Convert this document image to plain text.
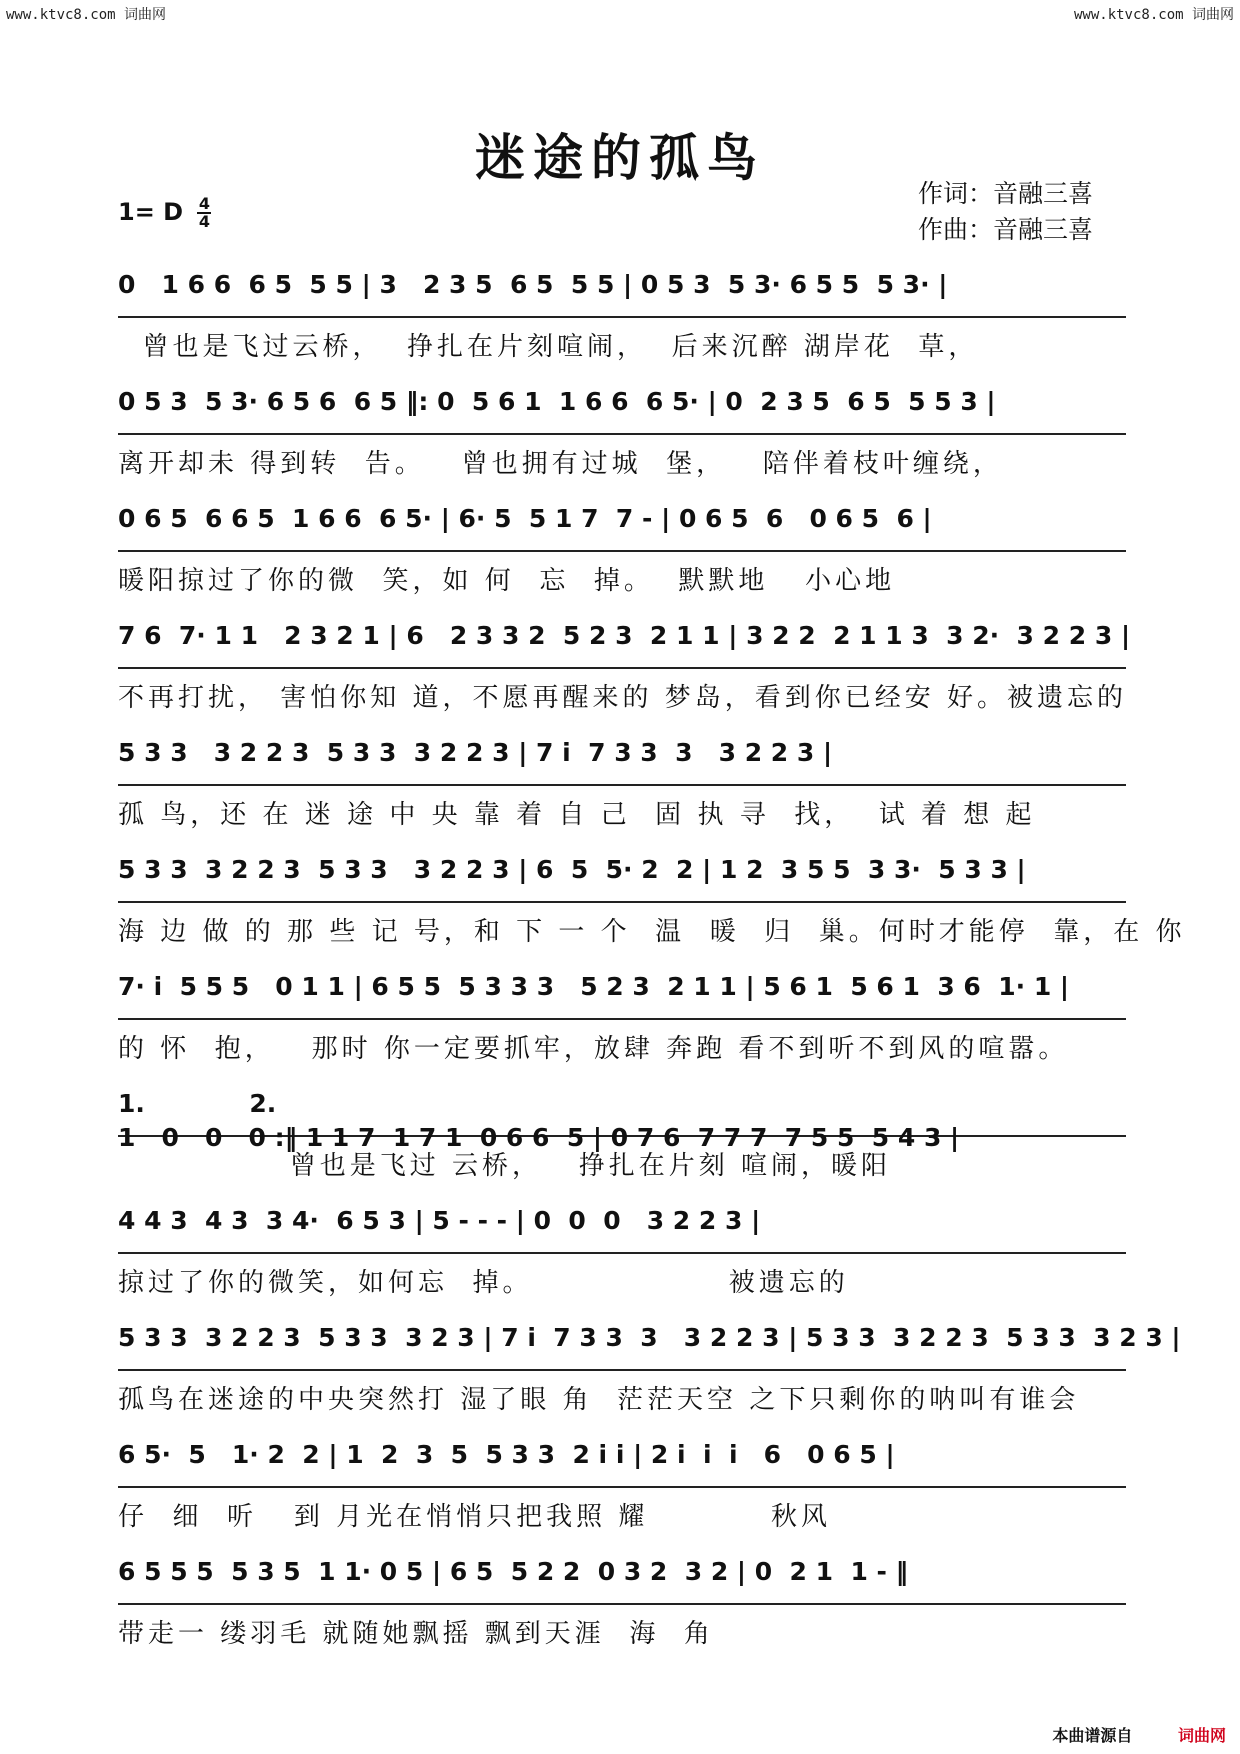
www.ktvc8.com 词曲网	www.ktvc8.com 词曲网
迷途的孤鸟
1= D $\frac{4}{4}$
作词：音融三喜
作曲：音融三喜
0   1 6 6  6 5  5 5 | 3   2 3 5  6 5  5 5 | 0 5 3  5 3· 6 5 5  5 3· |
曾也是飞过云桥，  挣扎在片刻喧闹，  后来沉醉 湖岸花  草，
0 5 3  5 3· 6 5 6  6 5 ‖: 0  5 6 1  1 6 6  6 5· | 0  2 3 5  6 5  5 5 3 |
离开却未 得到转  告。   曾也拥有过城  堡，   陪伴着枝叶缠绕，
0 6 5  6 6 5  1 6 6  6 5· | 6· 5  5 1 7  7 - | 0 6 5  6   0 6 5  6 |
暖阳掠过了你的微  笑，如 何  忘  掉。  默默地   小心地
7 6  7· 1 1   2 3 2 1 | 6   2 3 3 2  5 2 3  2 1 1 | 3 2 2  2 1 1 3  3 2·  3 2 2 3 |
不再打扰， 害怕你知 道，不愿再醒来的 梦岛，看到你已经安 好。被遗忘的
5 3 3   3 2 2 3  5 3 3  3 2 2 3 | 7 i  7 3 3  3   3 2 2 3 |
孤 鸟，还 在 迷 途 中 央 靠 着 自 己  固 执 寻  找，  试 着 想 起
5 3 3  3 2 2 3  5 3 3   3 2 2 3 | 6  5  5· 2  2 | 1 2  3 5 5  3 3·  5 3 3 |
海 边 做 的 那 些 记 号，和 下 一 个  温  暖  归  巢。何时才能停  靠，在 你
7· i  5 5 5   0 1 1 | 6 5 5  5 3 3 3   5 2 3  2 1 1 | 5 6 1  5 6 1  3 6  1· 1 |
的 怀  抱，   那时 你一定要抓牢，放肆 奔跑 看不到听不到风的喧嚣。
1.            2.
1   0   0   0 :‖ 1 1 7  1 7 1  0 6 6  5 | 0 7 6  7 7 7  7 5 5  5 4 3 |
曾也是飞过 云桥，   挣扎在片刻 喧闹，暖阳
4 4 3  4 3  3 4·  6 5 3 | 5 - - - | 0  0  0   3 2 2 3 |
掠过了你的微笑，如何忘  掉。                被遗忘的
5 3 3  3 2 2 3  5 3 3  3 2 3 | 7 i  7 3 3  3   3 2 2 3 | 5 3 3  3 2 2 3  5 3 3  3 2 3 |
孤鸟在迷途的中央突然打 湿了眼 角  茫茫天空 之下只剩你的呐叫有谁会
6 5·  5   1· 2  2 | 1  2  3  5  5 3 3  2 i i | 2 i  i  i   6   0 6 5 |
仔  细  听   到 月光在悄悄只把我照 耀          秋风
6 5 5 5  5 3 5  1 1· 0 5 | 6 5  5 2 2  0 3 2  3 2 | 0  2 1  1 - ‖
带走一 缕羽毛 就随她飘摇 飘到天涯  海  角
本曲谱源自	词曲网
